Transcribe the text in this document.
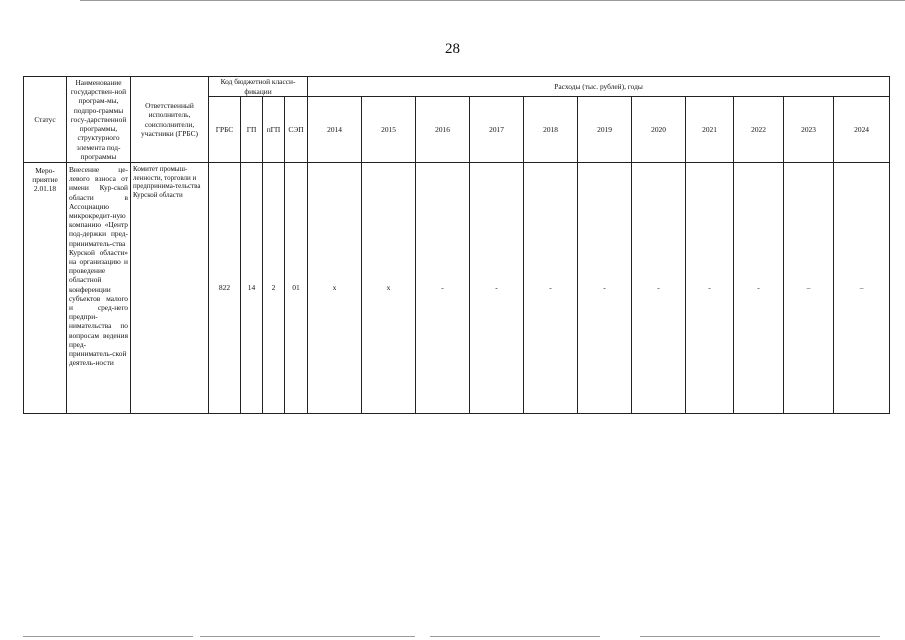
28
Статус	Наименование государствен-ной програм-мы, подпро-граммы госу-дарственной программы, структурного элемента под-программы	Ответственный исполнитель, соисполнители, участники (ГРБС)	Код бюджетной класси-фикации				Расходы (тыс. рублей), годы										
			ГРБС	ГП	пГП	СЭП	2014	2015	2016	2017	2018	2019	2020	2021	2022	2023	2024
Меро-приятие 2.01.18	Внесение це-левого взноса от имени Кур-ской области в Ассоциацию микрокредит-ную компанию «Центр под-держки пред-приниматель-ства Курской области» на организацию и проведение областной конференции субъектов малого и сред-него предпри-нимательства по вопросам ведения пред-приниматель-ской деятель-ности	Комитет промыш-ленности, торговли и предпринима-тельства Курской области	822	14	2	01	х	х	-	-	-	-	-	-	-	–	–
